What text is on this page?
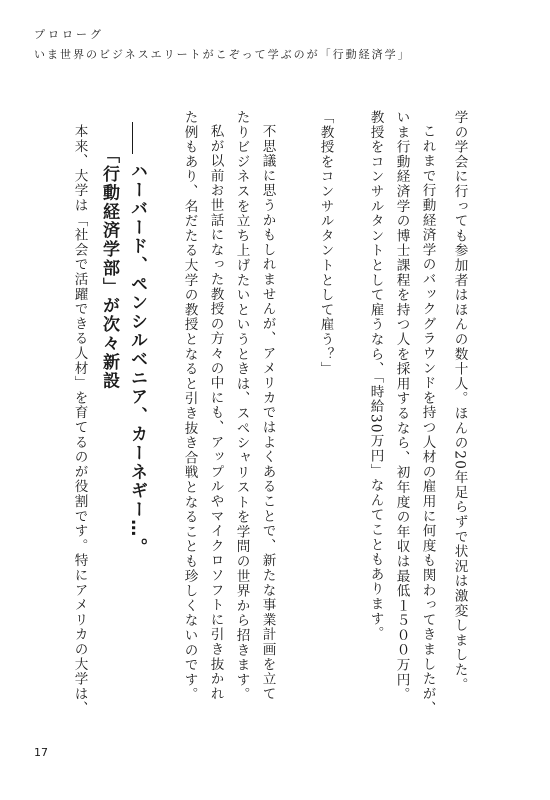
プロローグ
いま世界のビジネスエリートがこぞって学ぶのが「行動経済学」
学の学会に行っても参加者はほんの数十人。ほんの20年足らずで状況は激変しました。
これまで行動経済学のバックグラウンドを持つ人材の雇用に何度も関わってきましたが、
いま行動経済学の博士課程を持つ人を採用するなら、初年度の年収は最低１５００万円。
教授をコンサルタントとして雇うなら、「時給30万円」なんてこともあります。
「教授をコンサルタントとして雇う？」
不思議に思うかもしれませんが、アメリカではよくあることで、新たな事業計画を立て
たりビジネスを立ち上げたいというときは、スペシャリストを学問の世界から招きます。
私が以前お世話になった教授の方々の中にも、アップルやマイクロソフトに引き抜かれ
た例もあり、名だたる大学の教授となると引き抜き合戦となることも珍しくないのです。
ハーバード、ペンシルベニア、カーネギー…。
「行動経済学部」が次々新設
本来、大学は「社会で活躍できる人材」を育てるのが役割です。特にアメリカの大学は、
17
